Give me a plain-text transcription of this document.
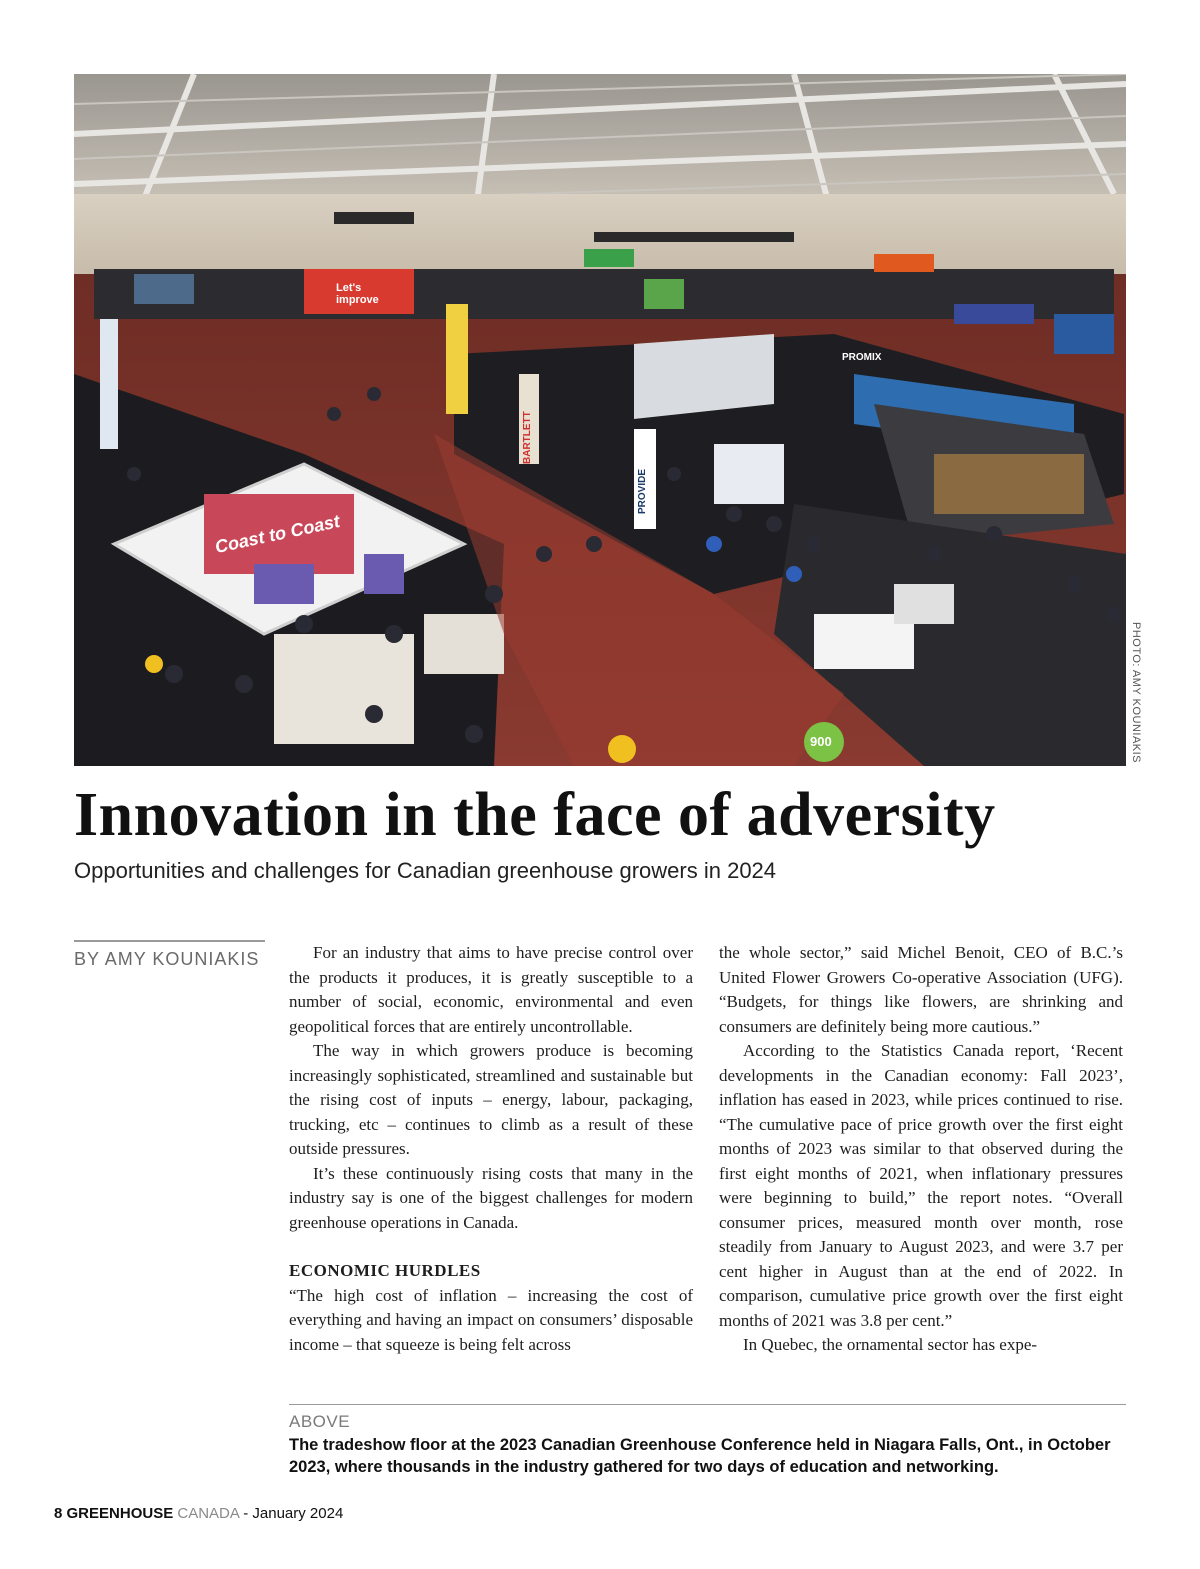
Coast to Coast
Let's improve
BARTLETT
PROVIDE
PROMIX
900	PHOTO: AMY KOUNIAKIS
Innovation in the face of adversity

Opportunities and challenges for Canadian greenhouse growers in 2024

BY AMY KOUNIAKIS	For an industry that aims to have precise control over the products it produces, it is greatly susceptible to a number of social, economic, environmental and even geopolitical forces that are entirely uncontrollable.

The way in which growers produce is becoming increasingly sophisticated, streamlined and sustainable but the rising cost of inputs – energy, labour, packaging, trucking, etc – continues to climb as a result of these outside pressures.

It’s these continuously rising costs that many in the industry say is one of the biggest challenges for modern greenhouse operations in Canada.

ECONOMIC HURDLES

“The high cost of inflation – increasing the cost of everything and having an impact on consumers’ disposable income – that squeeze is being felt across

the whole sector,” said Michel Benoit, CEO of B.C.’s United Flower Growers Co-operative Association (UFG). “Budgets, for things like flowers, are shrinking and consumers are definitely being more cautious.”

According to the Statistics Canada report, ‘Recent developments in the Canadian economy: Fall 2023’, inflation has eased in 2023, while prices continued to rise. “The cumulative pace of price growth over the first eight months of 2023 was similar to that observed during the first eight months of 2021, when inflationary pressures were beginning to build,” the report notes. “Overall consumer prices, measured month over month, rose steadily from January to August 2023, and were 3.7 per cent higher in August than at the end of 2022. In comparison, cumulative price growth over the first eight months of 2021 was 3.8 per cent.”

In Quebec, the ornamental sector has expe-

ABOVE

The tradeshow floor at the 2023 Canadian Greenhouse Conference held in Niagara Falls, Ont., in October 2023, where thousands in the industry gathered for two days of education and networking.

8 GREENHOUSE CANADA - January 2024
